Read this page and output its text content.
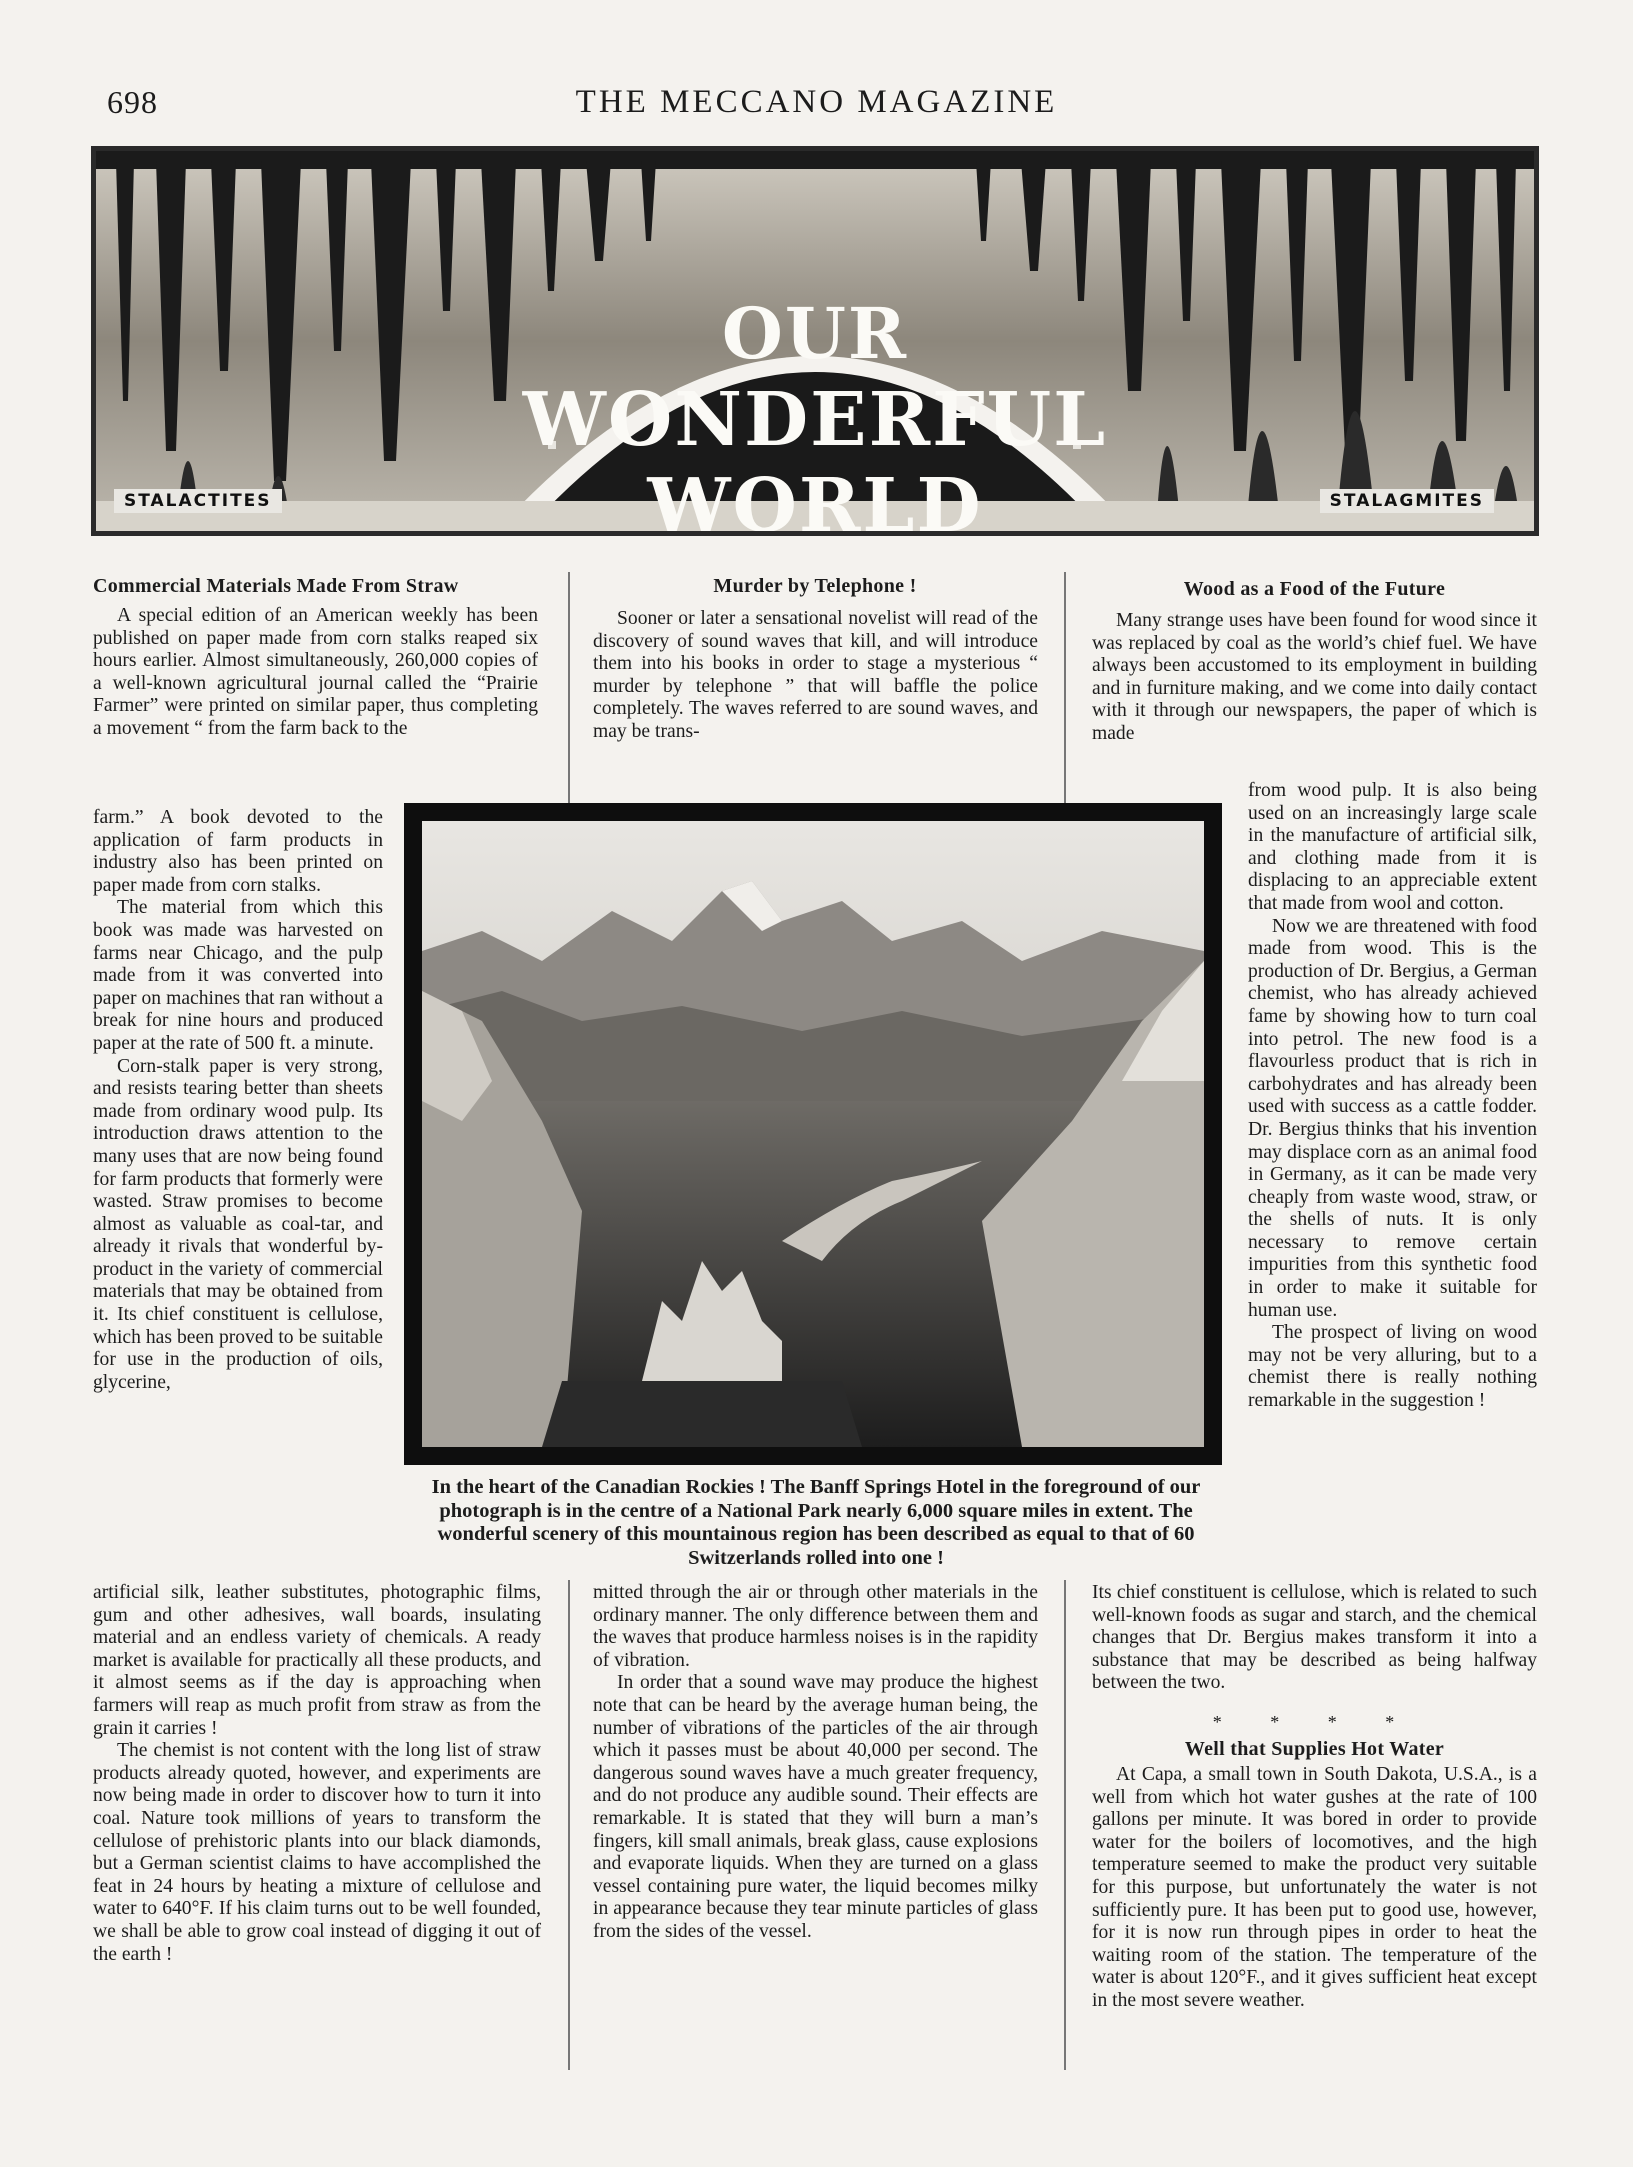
698	THE MECCANO MAGAZINE
OUR
WONDERFUL
WORLD
STALACTITES	STALAGMITES
Commercial Materials Made From Straw

A special edition of an American weekly has been published on paper made from corn stalks reaped six hours earlier. Almost simultaneously, 260,000 copies of a well-known agricultural journal called the “Prairie Farmer” were printed on similar paper, thus completing a movement “ from the farm back to the

farm.” A book devoted to the application of farm products in industry also has been printed on paper made from corn stalks.

The material from which this book was made was harvested on farms near Chicago, and the pulp made from it was converted into paper on machines that ran without a break for nine hours and produced paper at the rate of 500 ft. a minute.

Corn-stalk paper is very strong, and resists tearing better than sheets made from ordinary wood pulp. Its introduction draws attention to the many uses that are now being found for farm products that formerly were wasted. Straw promises to become almost as valuable as coal-tar, and already it rivals that wonderful by-product in the variety of commercial materials that may be obtained from it. Its chief constituent is cellulose, which has been proved to be suitable for use in the production of oils, glycerine,

artificial silk, leather substitutes, photographic films, gum and other adhesives, wall boards, insulating material and an endless variety of chemicals. A ready market is available for practically all these products, and it almost seems as if the day is approaching when farmers will reap as much profit from straw as from the grain it carries !

The chemist is not content with the long list of straw products already quoted, however, and experiments are now being made in order to discover how to turn it into coal. Nature took millions of years to transform the cellulose of prehistoric plants into our black diamonds, but a German scientist claims to have accomplished the feat in 24 hours by heating a mixture of cellulose and water to 640°F. If his claim turns out to be well founded, we shall be able to grow coal instead of digging it out of the earth !

Murder by Telephone !

Sooner or later a sensational novelist will read of the discovery of sound waves that kill, and will introduce them into his books in order to stage a mysterious “ murder by telephone ” that will baffle the police completely. The waves referred to are sound waves, and may be trans-

mitted through the air or through other materials in the ordinary manner. The only difference between them and the waves that produce harmless noises is in the rapidity of vibration.

In order that a sound wave may produce the highest note that can be heard by the average human being, the number of vibrations of the particles of the air through which it passes must be about 40,000 per second. The dangerous sound waves have a much greater frequency, and do not produce any audible sound. Their effects are remarkable. It is stated that they will burn a man’s fingers, kill small animals, break glass, cause explosions and evaporate liquids. When they are turned on a glass vessel containing pure water, the liquid becomes milky in appearance because they tear minute particles of glass from the sides of the vessel.

Wood as a Food of the Future

Many strange uses have been found for wood since it was replaced by coal as the world’s chief fuel. We have always been accustomed to its employment in building and in furniture making, and we come into daily contact with it through our newspapers, the paper of which is made

from wood pulp. It is also being used on an increasingly large scale in the manufacture of artificial silk, and clothing made from it is displacing to an appreciable extent that made from wool and cotton.

Now we are threatened with food made from wood. This is the production of Dr. Bergius, a German chemist, who has already achieved fame by showing how to turn coal into petrol. The new food is a flavourless product that is rich in carbohydrates and has already been used with success as a cattle fodder. Dr. Bergius thinks that his invention may displace corn as an animal food in Germany, as it can be made very cheaply from waste wood, straw, or the shells of nuts. It is only necessary to remove certain impurities from this synthetic food in order to make it suitable for human use.

The prospect of living on wood may not be very alluring, but to a chemist there is really nothing remarkable in the suggestion !

Its chief constituent is cellulose, which is related to such well-known foods as sugar and starch, and the chemical changes that Dr. Bergius makes transform it into a substance that may be described as being halfway between the two.

* * * *
Well that Supplies Hot Water

At Capa, a small town in South Dakota, U.S.A., is a well from which hot water gushes at the rate of 100 gallons per minute. It was bored in order to provide water for the boilers of locomotives, and the high temperature seemed to make the product very suitable for this purpose, but unfortunately the water is not sufficiently pure. It has been put to good use, however, for it is now run through pipes in order to heat the waiting room of the station. The temperature of the water is about 120°F., and it gives sufficient heat except in the most severe weather.

In the heart of the Canadian Rockies ! The Banff Springs Hotel in the foreground of our photograph is in the centre of a National Park nearly 6,000 square miles in extent. The wonderful scenery of this mountainous region has been described as equal to that of 60 Switzerlands rolled into one !
